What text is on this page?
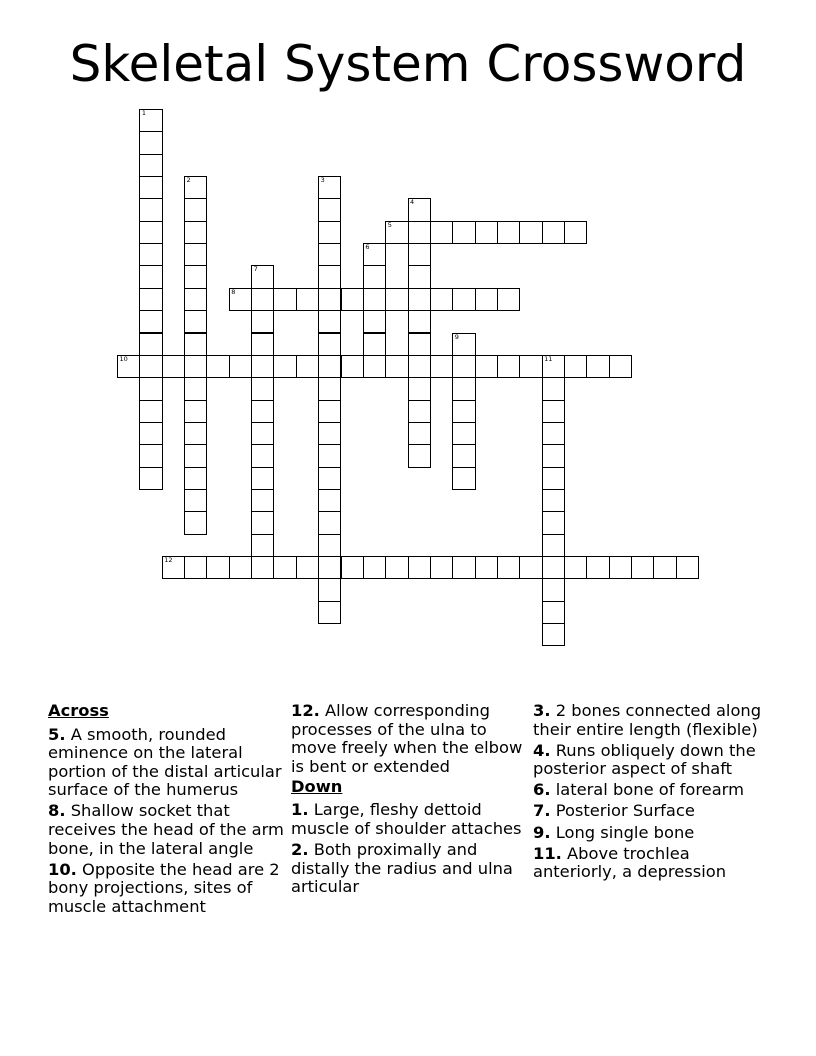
Skeletal System Crossword
1
2	3
4
5
6
7
8
9
10	11
12
Across
5. A smooth, rounded eminence on the lateral portion of the distal articular surface of the humerus
8. Shallow socket that receives the head of the arm bone, in the lateral angle
10. Opposite the head are 2 bony projections, sites of muscle attachment
12. Allow corresponding processes of the ulna to move freely when the elbow is bent or extended
Down
1. Large, fleshy dettoid muscle of shoulder attaches
2. Both proximally and distally the radius and ulna articular
3. 2 bones connected along their entire length (flexible)
4. Runs obliquely down the posterior aspect of shaft
6. lateral bone of forearm
7. Posterior Surface
9. Long single bone
11. Above trochlea anteriorly, a depression
